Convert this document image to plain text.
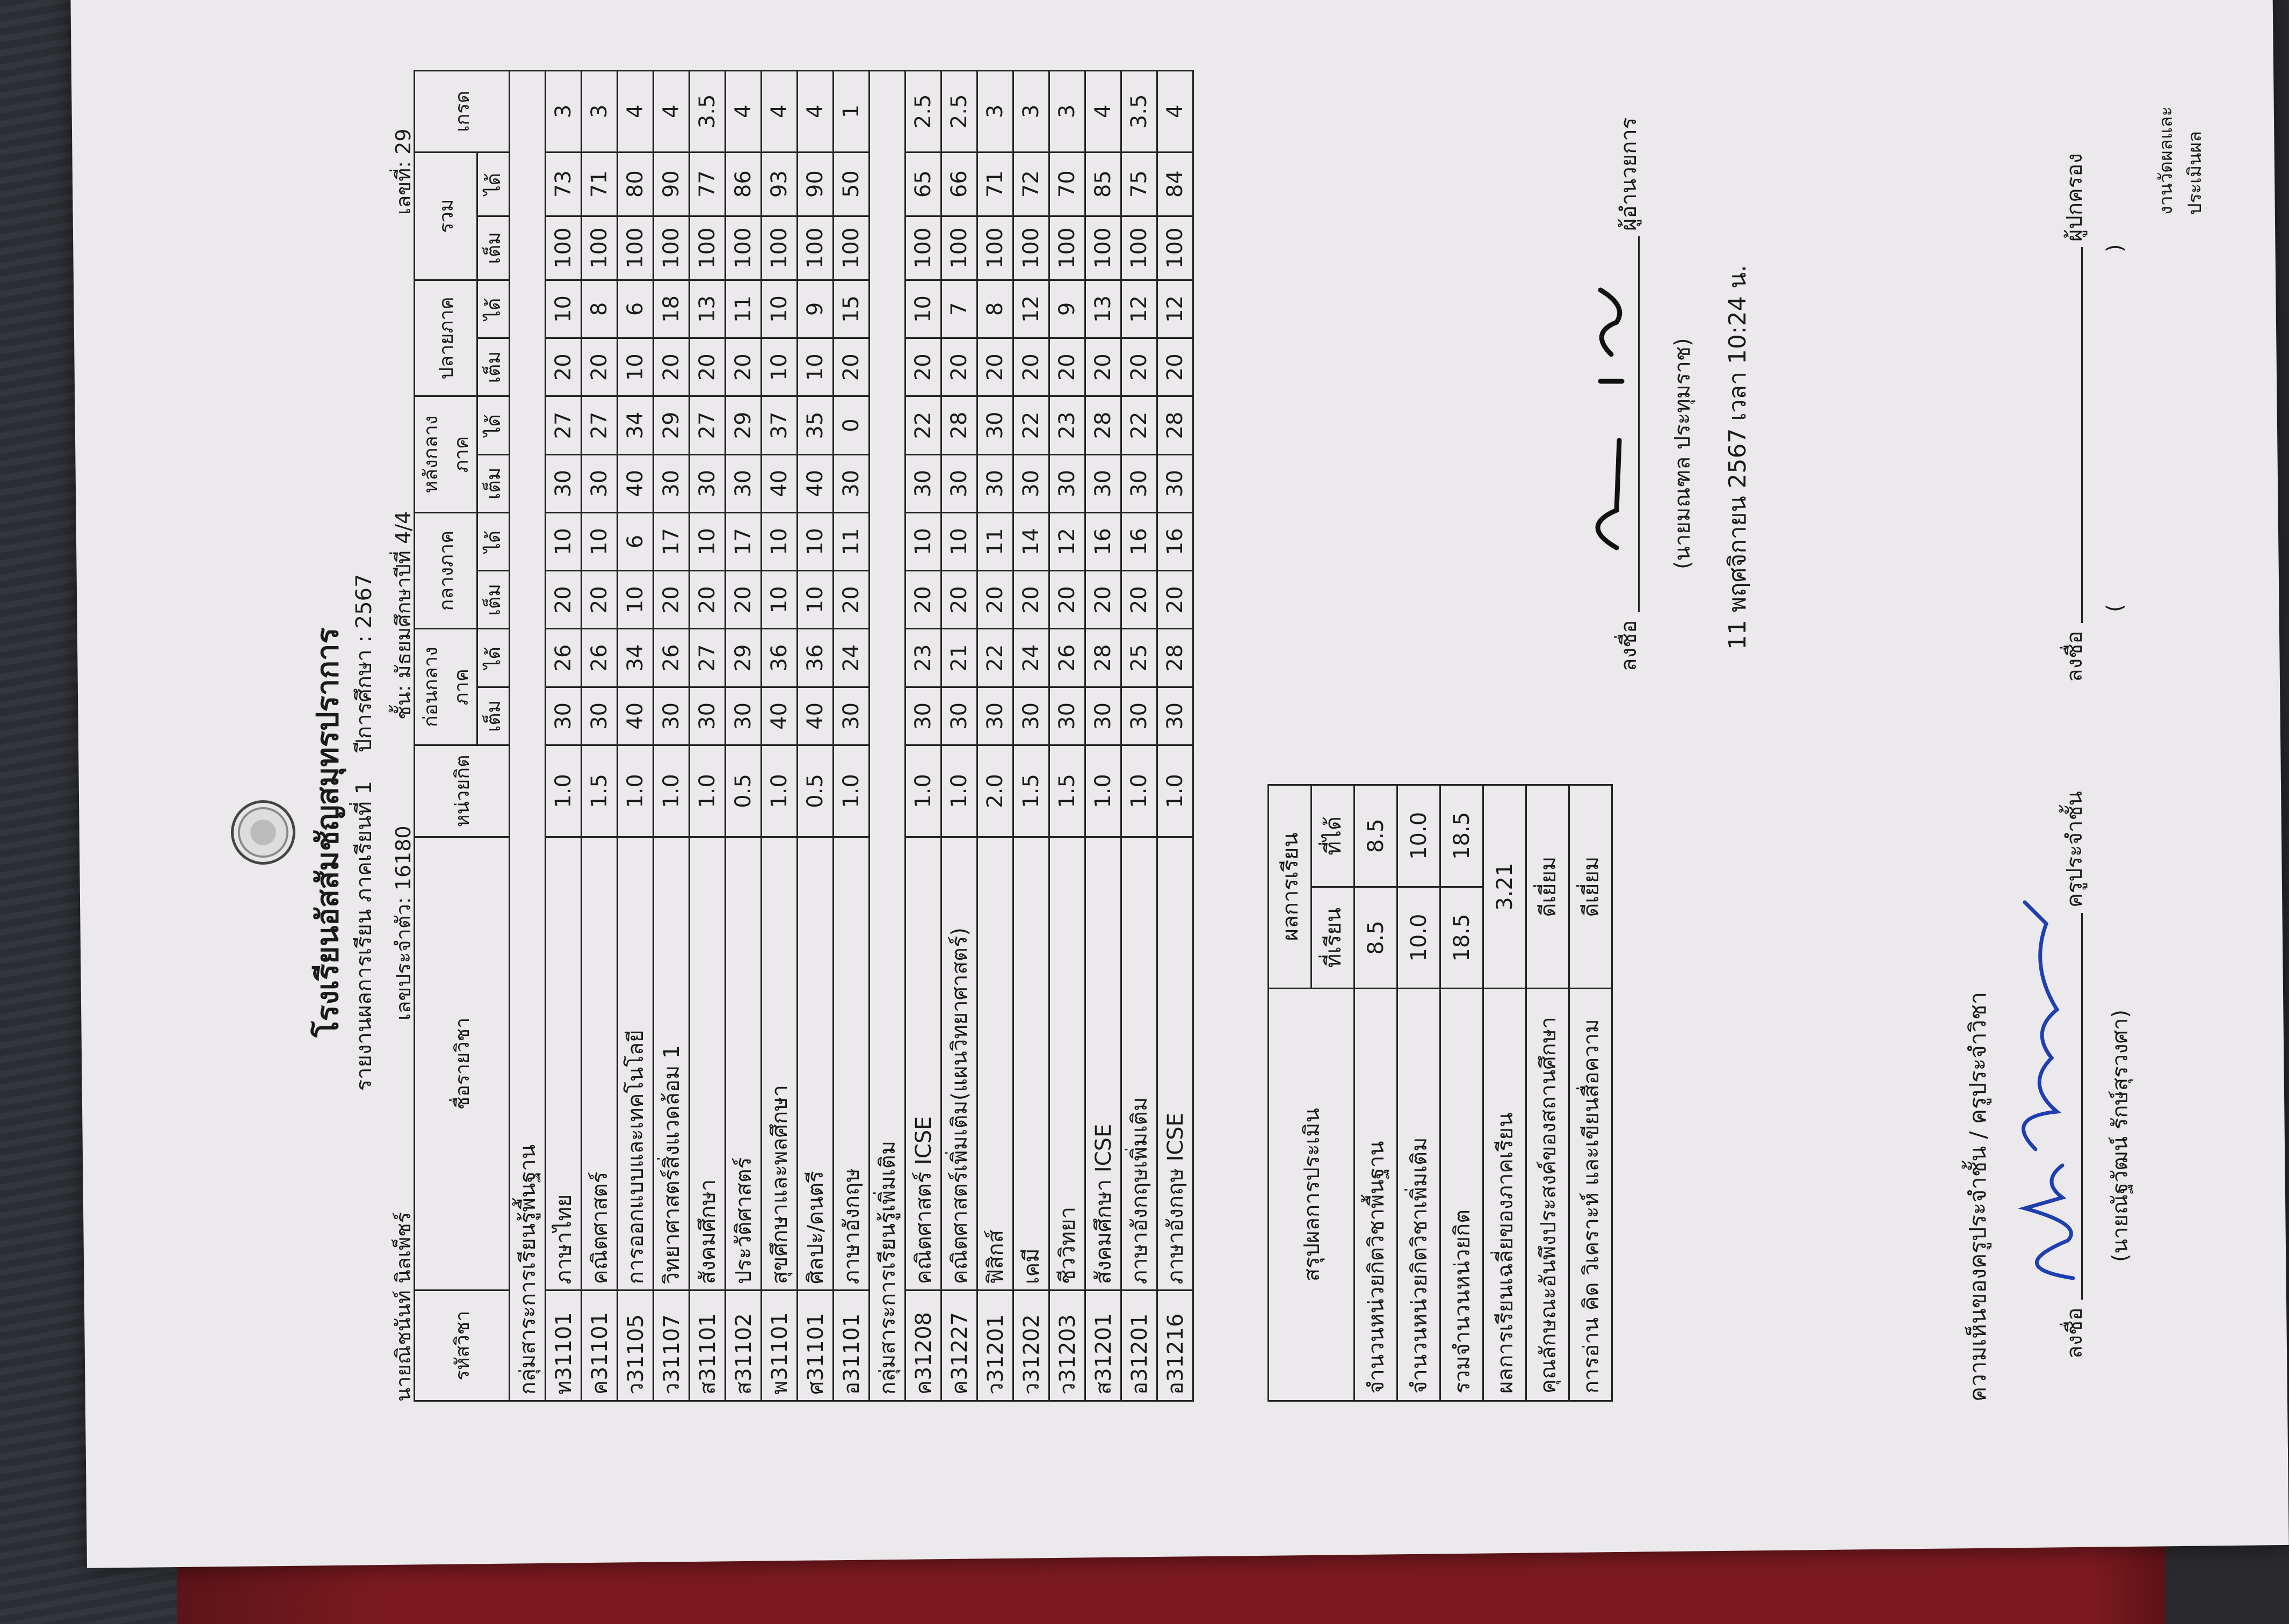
โรงเรียนอัสสัมชัญสมุทรปราการ รายงานผลการเรียน ภาคเรียนที่ 1 ปีการศึกษา : 2567
นายณิชนันท์ นิลเพ็ชร์
เลขประจำตัว: 16180
ชั้น: มัธยมศึกษาปีที่ 4/4
เลขที่: 29
รหัสวิชา	ชื่อรายวิชา	หน่วยกิต	ก่อนกลางภาค		กลางภาค		หลังกลางภาค		ปลายภาค		รวม		เกรด
			เต็ม	ได้	เต็ม	ได้	เต็ม	ได้	เต็ม	ได้	เต็ม	ได้	
กลุ่มสาระการเรียนรู้พื้นฐาน													
ท31101	ภาษาไทย	1.0	30	26	20	10	30	27	20	10	100	73	3
ค31101	คณิตศาสตร์	1.5	30	26	20	10	30	27	20	8	100	71	3
ว31105	การออกแบบและเทคโนโลยี	1.0	40	34	10	6	40	34	10	6	100	80	4
ว31107	วิทยาศาสตร์สิ่งแวดล้อม 1	1.0	30	26	20	17	30	29	20	18	100	90	4
ส31101	สังคมศึกษา	1.0	30	27	20	10	30	27	20	13	100	77	3.5
ส31102	ประวัติศาสตร์	0.5	30	29	20	17	30	29	20	11	100	86	4
พ31101	สุขศึกษาและพลศึกษา	1.0	40	36	10	10	40	37	10	10	100	93	4
ศ31101	ศิลปะ/ดนตรี	0.5	40	36	10	10	40	35	10	9	100	90	4
อ31101	ภาษาอังกฤษ	1.0	30	24	20	11	30	0	20	15	100	50	1
กลุ่มสาระการเรียนรู้เพิ่มเติม													
ค31208	คณิตศาสตร์ ICSE	1.0	30	23	20	10	30	22	20	10	100	65	2.5
ค31227	คณิตศาสตร์เพิ่มเติม(แผนวิทยาศาสตร์)	1.0	30	21	20	10	30	28	20	7	100	66	2.5
ว31201	ฟิสิกส์	2.0	30	22	20	11	30	30	20	8	100	71	3
ว31202	เคมี	1.5	30	24	20	14	30	22	20	12	100	72	3
ว31203	ชีววิทยา	1.5	30	26	20	12	30	23	20	9	100	70	3
ส31201	สังคมศึกษา ICSE	1.0	30	28	20	16	30	28	20	13	100	85	4
อ31201	ภาษาอังกฤษเพิ่มเติม	1.0	30	25	20	16	30	22	20	12	100	75	3.5
อ31216	ภาษาอังกฤษ ICSE	1.0	30	28	20	16	30	28	20	12	100	84	4
สรุปผลการประเมิน	ผลการเรียน	
	ที่เรียน	ที่ได้
จำนวนหน่วยกิตวิชาพื้นฐาน	8.5	8.5
จำนวนหน่วยกิตวิชาเพิ่มเติม	10.0	10.0
รวมจำนวนหน่วยกิต	18.5	18.5
ผลการเรียนเฉลี่ยของภาคเรียน	3.21	
คุณลักษณะอันพึงประสงค์ของสถานศึกษา	ดีเยี่ยม	
การอ่าน คิด วิเคราะห์ และเขียนสื่อความ	ดีเยี่ยม	
ลงชื่อ
ผู้อำนวยการ
(นายมณฑล ประทุมราช) 11 พฤศจิกายน 2567 เวลา 10:24 น.
ความเห็นของครูประจำชั้น / ครูประจำวิชา	ลงชื่อ
ครูประจำชั้น
(นายณัฐวัฒน์ รักษ์สุรวงศา)
ลงชื่อ
(
ผู้ปกครอง
)
งานวัดผลและประเมินผล
